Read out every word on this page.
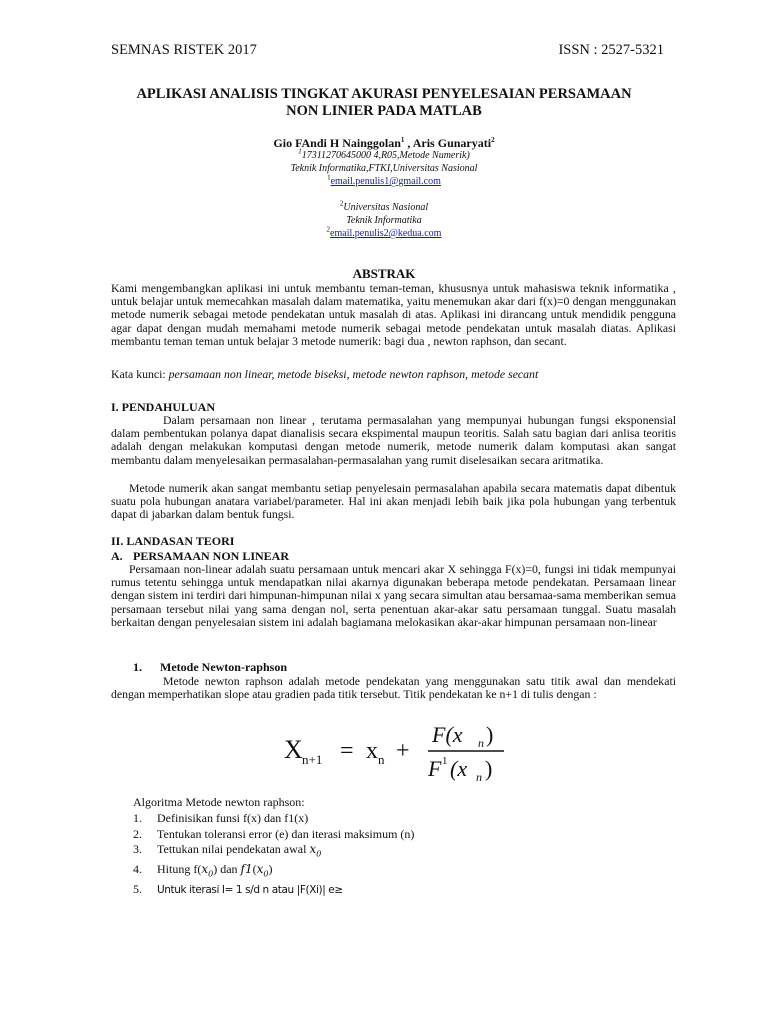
SEMNAS RISTEK 2017	ISSN : 2527-5321
APLIKASI ANALISIS TINGKAT AKURASI PENYELESAIAN PERSAMAAN
NON LINIER PADA MATLAB
Gio FAndi H Nainggolan$^1$ , Aris Gunaryati$^2$
$^1$17311270645000 4,R05,Metode Numerik)
Teknik Informatika,FTKI,Universitas Nasional
$^1$email.penulis1@gmail.com
$^2$Universitas Nasional
Teknik Informatika
$^2$email.penulis2@kedua.com
ABSTRAK
Kami mengembangkan aplikasi ini untuk membantu teman-teman, khususnya untuk mahasiswa teknik informatika , untuk belajar untuk memecahkan masalah dalam matematika, yaitu menemukan akar dari f(x)=0 dengan menggunakan metode numerik sebagai metode pendekatan untuk masalah di atas. Aplikasi ini dirancang untuk mendidik pengguna agar dapat dengan mudah memahami metode numerik sebagai metode pendekatan untuk masalah diatas. Aplikasi membantu teman teman untuk belajar 3 metode numerik: bagi dua , newton raphson, dan secant.
Kata kunci: persamaan non linear, metode biseksi, metode newton raphson, metode secant
I. PENDAHULUAN
Dalam persamaan non linear , terutama permasalahan yang mempunyai hubungan fungsi eksponensial dalam pembentukan polanya dapat dianalisis secara ekspimental maupun teoritis. Salah satu bagian dari anlisa teoritis adalah dengan melakukan komputasi dengan metode numerik, metode numerik dalam komputasi akan sangat membantu dalam menyelesaikan permasalahan-permasalahan yang rumit diselesaikan secara aritmatika.
Metode numerik akan sangat membantu setiap penyelesain permasalahan apabila secara matematis dapat dibentuk suatu pola hubungan anatara variabel/parameter. Hal ini akan menjadi lebih baik jika pola hubungan yang terbentuk dapat di jabarkan dalam bentuk fungsi.
II. LANDASAN TEORI
A. PERSAMAAN NON LINEAR
Persamaan non-linear adalah suatu persamaan untuk mencari akar X sehingga F(x)=0, fungsi ini tidak mempunyai rumus tetentu sehingga untuk mendapatkan nilai akarnya digunakan beberapa metode pendekatan. Persamaan linear dengan sistem ini terdiri dari himpunan-himpunan nilai x yang secara simultan atau bersamaa-sama memberikan semua persamaan tersebut nilai yang sama dengan nol, serta penentuan akar-akar satu persamaan tunggal. Suatu masalah berkaitan dengan penyelesaian sistem ini adalah bagiamana melokasikan akar-akar himpunan persamaan non-linear
1. Metode Newton-raphson
Metode newton raphson adalah metode pendekatan yang menggunakan satu titik awal dan mendekati dengan memperhatikan slope atau gradien pada titik tersebut. Titik pendekatan ke n+1 di tulis dengan :
X n+1 = x n +
F(x n )
F 1 (x n )
Algoritma Metode newton raphson:
1. Definisikan funsi f(x) dan f1(x)
2. Tentukan toleransi error (e) dan iterasi maksimum (n)
3. Tettukan nilai pendekatan awal $x_0$
4. Hitung $f(x_0)$ dan $f1(x_0)$
5. Untuk iterasi I= 1 s/d n atau |F(Xi)| e≥
